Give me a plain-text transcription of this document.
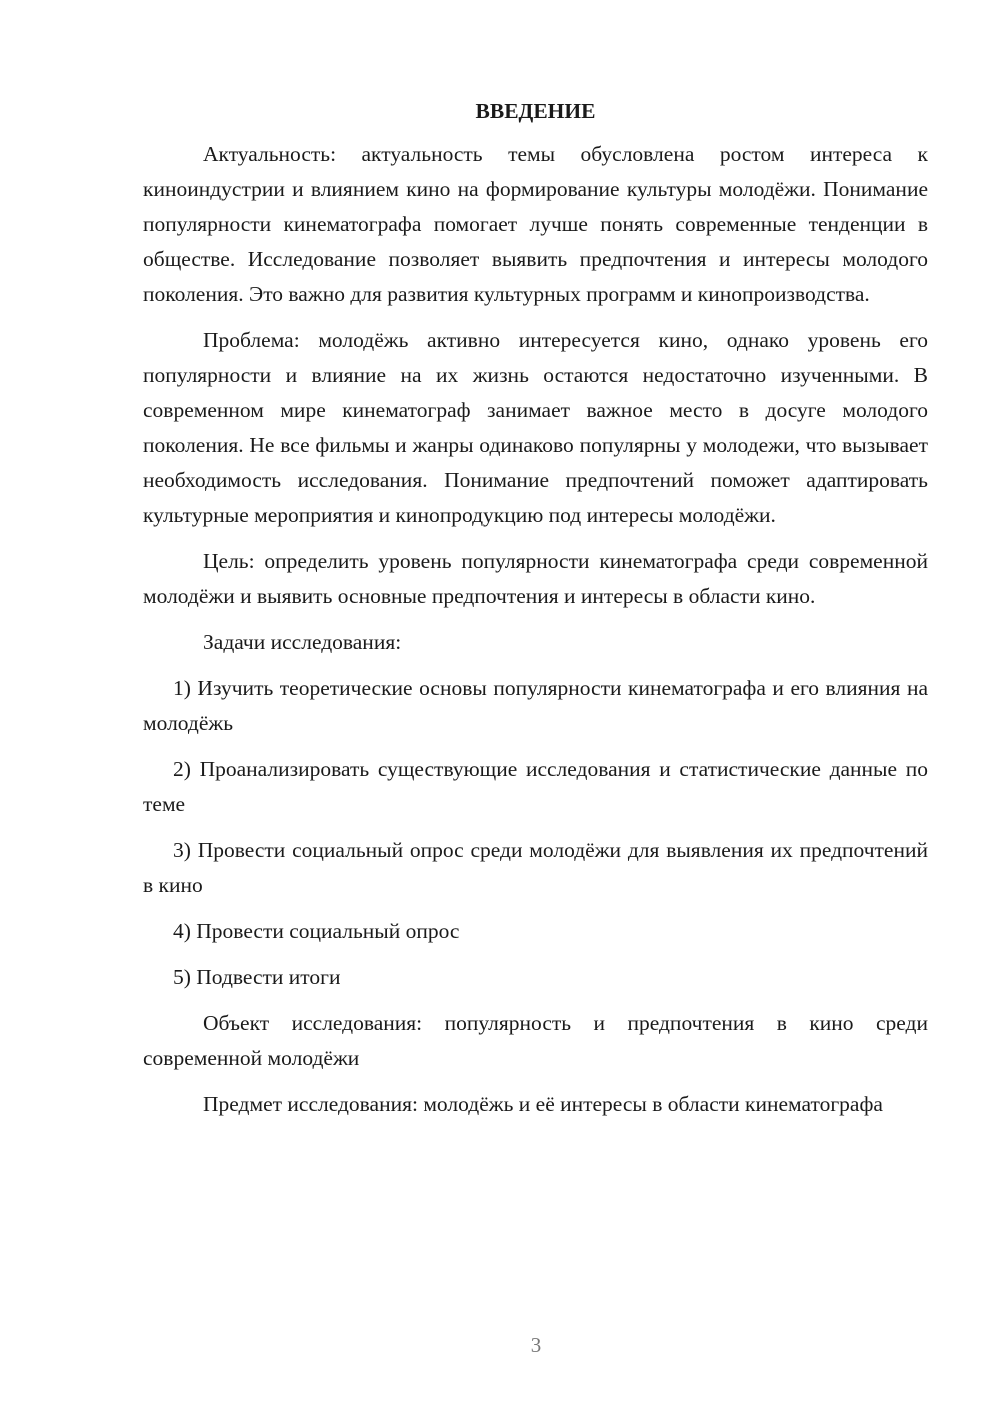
ВВЕДЕНИЕ

Актуальность: актуальность темы обусловлена ростом интереса к киноиндустрии и влиянием кино на формирование культуры молодёжи. Понимание популярности кинематографа помогает лучше понять современные тенденции в обществе. Исследование позволяет выявить предпочтения и интересы молодого поколения. Это важно для развития культурных программ и кинопроизводства.

Проблема: молодёжь активно интересуется кино, однако уровень его популярности и влияние на их жизнь остаются недостаточно изученными. В современном мире кинематограф занимает важное место в досуге молодого поколения. Не все фильмы и жанры одинаково популярны у молодежи, что вызывает необходимость исследования. Понимание предпочтений поможет адаптировать культурные мероприятия и кинопродукцию под интересы молодёжи.

Цель: определить уровень популярности кинематографа среди современной молодёжи и выявить основные предпочтения и интересы в области кино.

Задачи исследования:

1) Изучить теоретические основы популярности кинематографа и его влияния на молодёжь

2) Проанализировать существующие исследования и статистические данные по теме

3) Провести социальный опрос среди молодёжи для выявления их предпочтений в кино

4) Провести социальный опрос

5) Подвести итоги

Объект исследования: популярность и предпочтения в кино среди современной молодёжи

Предмет исследования: молодёжь и её интересы в области кинематографа

3
